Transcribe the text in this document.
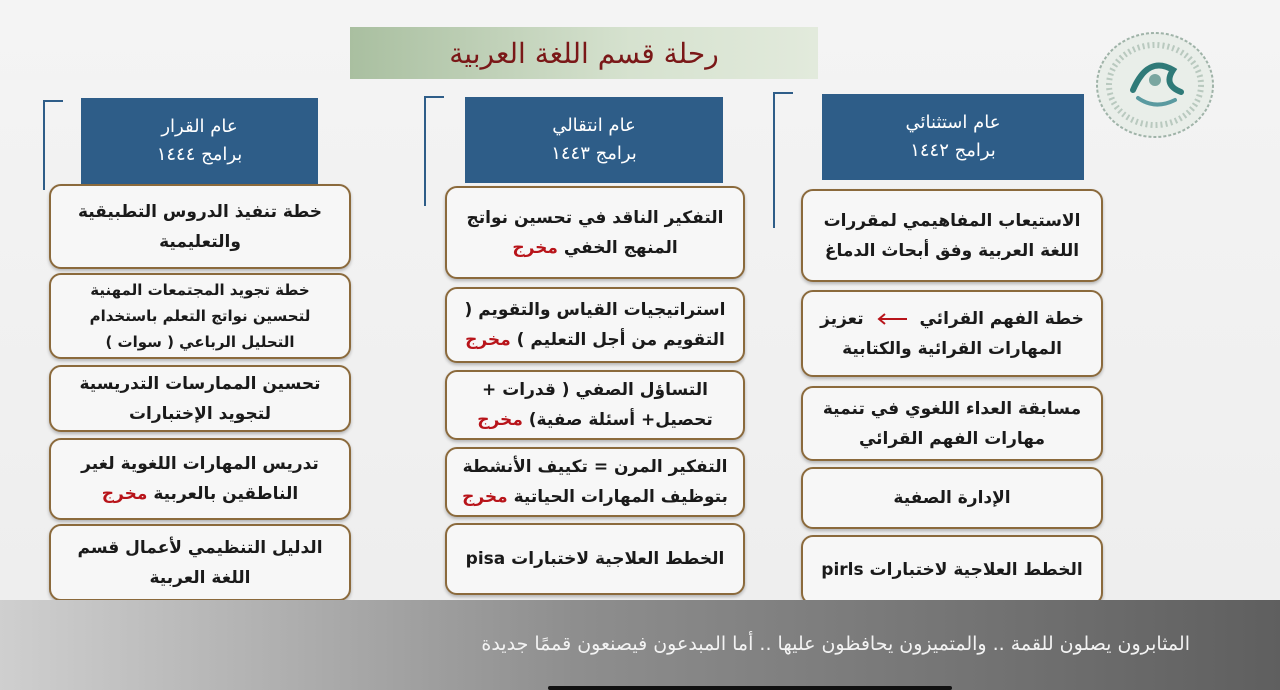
رحلة قسم اللغة العربية
عام استثنائي
برامج ١٤٤٢
الاستيعاب المفاهيمي لمقررات اللغة العربية وفق أبحاث الدماغ
خطة الفهم القرائي  تعزيز المهارات القرائية والكتابية
مسابقة العداء اللغوي في تنمية مهارات الفهم القرائي
الإدارة الصفية
الخطط العلاجية لاختبارات pirls
عام انتقالي
برامج ١٤٤٣
التفكير الناقد في تحسين نواتج المنهج الخفي مخرج
استراتيجيات القياس والتقويم ( التقويم من أجل التعليم ) مخرج
التساؤل الصفي ( قدرات + تحصيل+ أسئلة صفية) مخرج
التفكير المرن = تكييف الأنشطة بتوظيف المهارات الحياتية مخرج
الخطط العلاجية لاختبارات pisa
عام القرار
برامج ١٤٤٤
خطة تنفيذ الدروس التطبيقية والتعليمية
خطة تجويد المجتمعات المهنية لتحسين نواتج التعلم باستخدام التحليل الرباعي ( سوات )
تحسين الممارسات التدريسية لتجويد الإختبارات
تدريس المهارات اللغوية لغير الناطقين بالعربية مخرج
الدليل التنظيمي لأعمال قسم اللغة العربية
المثابرون يصلون للقمة .. والمتميزون يحافظون عليها .. أما المبدعون فيصنعون قممًا جديدة
